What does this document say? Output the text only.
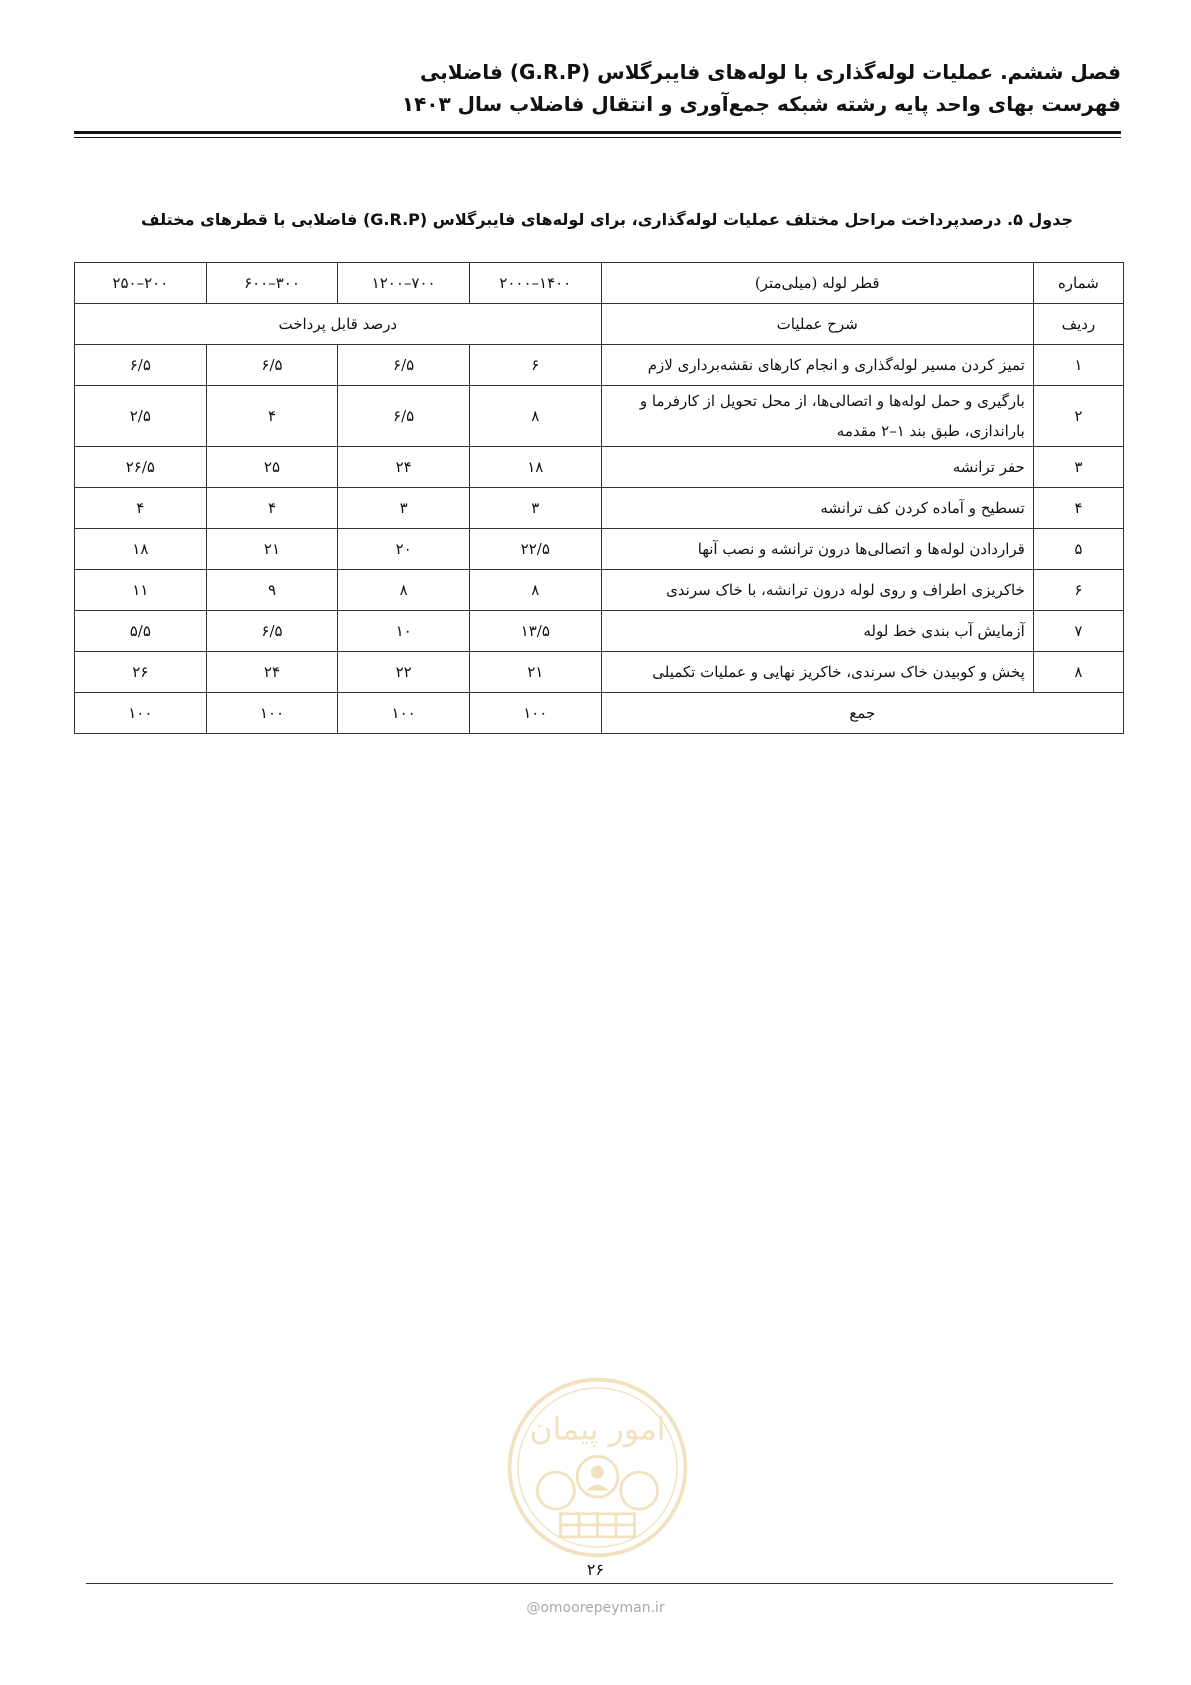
فصل ششم. عملیات لوله‌گذاری با لوله‌های فایبرگلاس (G.R.P) فاضلابی
فهرست بهای واحد پایه رشته شبکه جمع‌آوری و انتقال فاضلاب سال ۱۴۰۳
جدول ۵. درصدپرداخت مراحل مختلف عملیات لوله‌گذاری، برای لوله‌های فایبرگلاس (G.R.P) فاضلابی با قطرهای مختلف
شماره	قطر لوله (میلی‌متر)	۱۴۰۰–۲۰۰۰	۷۰۰–۱۲۰۰	۳۰۰–۶۰۰	۲۰۰–۲۵۰
ردیف	شرح عملیات	درصد قابل پرداخت			
۱	تمیز کردن مسیر لوله‌گذاری و انجام کارهای نقشه‌برداری لازم	۶	۶/۵	۶/۵	۶/۵
۲	بارگیری و حمل لوله‌ها و اتصالی‌ها، از محل تحویل از کارفرما و
باراندازی، طبق بند ۱–۲ مقدمه	۸	۶/۵	۴	۲/۵
۳	حفر ترانشه	۱۸	۲۴	۲۵	۲۶/۵
۴	تسطیح و آماده کردن کف ترانشه	۳	۳	۴	۴
۵	قراردادن لوله‌ها و اتصالی‌ها درون ترانشه و نصب آنها	۲۲/۵	۲۰	۲۱	۱۸
۶	خاکریزی اطراف و روی لوله درون ترانشه، با خاک سرندی	۸	۸	۹	۱۱
۷	آزمایش آب بندی خط لوله	۱۳/۵	۱۰	۶/۵	۵/۵
۸	پخش و کوبیدن خاک سرندی، خاکریز نهایی و عملیات تکمیلی	۲۱	۲۲	۲۴	۲۶
جمع		۱۰۰	۱۰۰	۱۰۰	۱۰۰
امور پیمان
۲۶
@omoorepeyman.ir
